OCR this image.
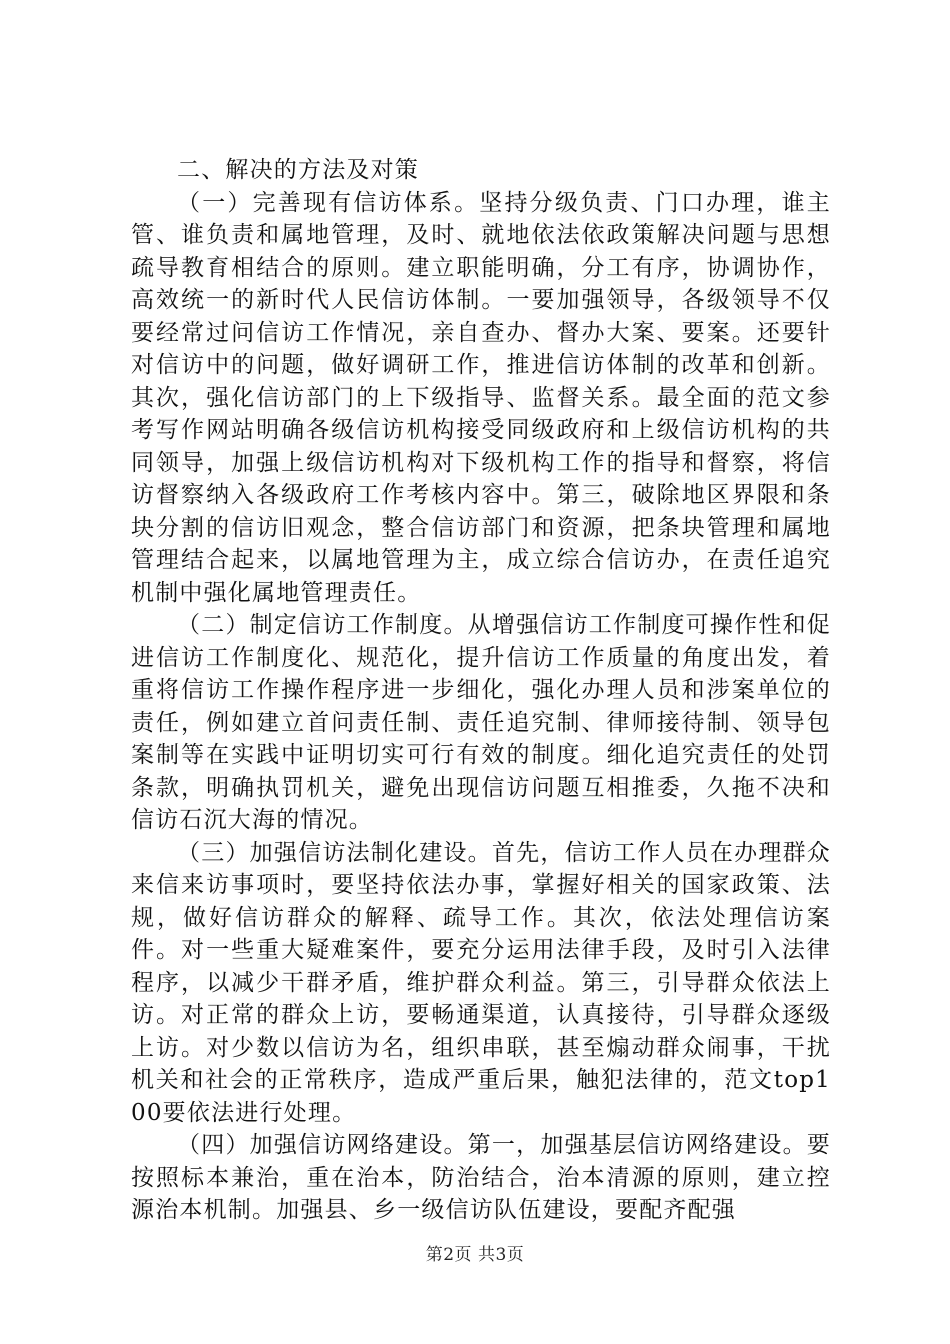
二、解决的方法及对策

（一）完善现有信访体系。坚持分级负责、门口办理，谁主管、谁负责和属地管理，及时、就地依法依政策解决问题与思想疏导教育相结合的原则。建立职能明确，分工有序，协调协作，高效统一的新时代人民信访体制。一要加强领导，各级领导不仅要经常过问信访工作情况，亲自查办、督办大案、要案。还要针对信访中的问题，做好调研工作，推进信访体制的改革和创新。其次，强化信访部门的上下级指导、监督关系。最全面的范文参考写作网站明确各级信访机构接受同级政府和上级信访机构的共同领导，加强上级信访机构对下级机构工作的指导和督察，将信访督察纳入各级政府工作考核内容中。第三，破除地区界限和条块分割的信访旧观念，整合信访部门和资源，把条块管理和属地管理结合起来，以属地管理为主，成立综合信访办，在责任追究机制中强化属地管理责任。

（二）制定信访工作制度。从增强信访工作制度可操作性和促进信访工作制度化、规范化，提升信访工作质量的角度出发，着重将信访工作操作程序进一步细化，强化办理人员和涉案单位的责任，例如建立首问责任制、责任追究制、律师接待制、领导包案制等在实践中证明切实可行有效的制度。细化追究责任的处罚条款，明确执罚机关，避免出现信访问题互相推委，久拖不决和信访石沉大海的情况。

（三）加强信访法制化建设。首先，信访工作人员在办理群众来信来访事项时，要坚持依法办事，掌握好相关的国家政策、法规，做好信访群众的解释、疏导工作。其次，依法处理信访案件。对一些重大疑难案件，要充分运用法律手段，及时引入法律程序，以减少干群矛盾，维护群众利益。第三，引导群众依法上访。对正常的群众上访，要畅通渠道，认真接待，引导群众逐级上访。对少数以信访为名，组织串联，甚至煽动群众闹事，干扰机关和社会的正常秩序，造成严重后果，触犯法律的，范文top100要依法进行处理。

（四）加强信访网络建设。第一，加强基层信访网络建设。要按照标本兼治，重在治本，防治结合，治本清源的原则，建立控源治本机制。加强县、乡一级信访队伍建设，要配齐配强

第2页 共3页
